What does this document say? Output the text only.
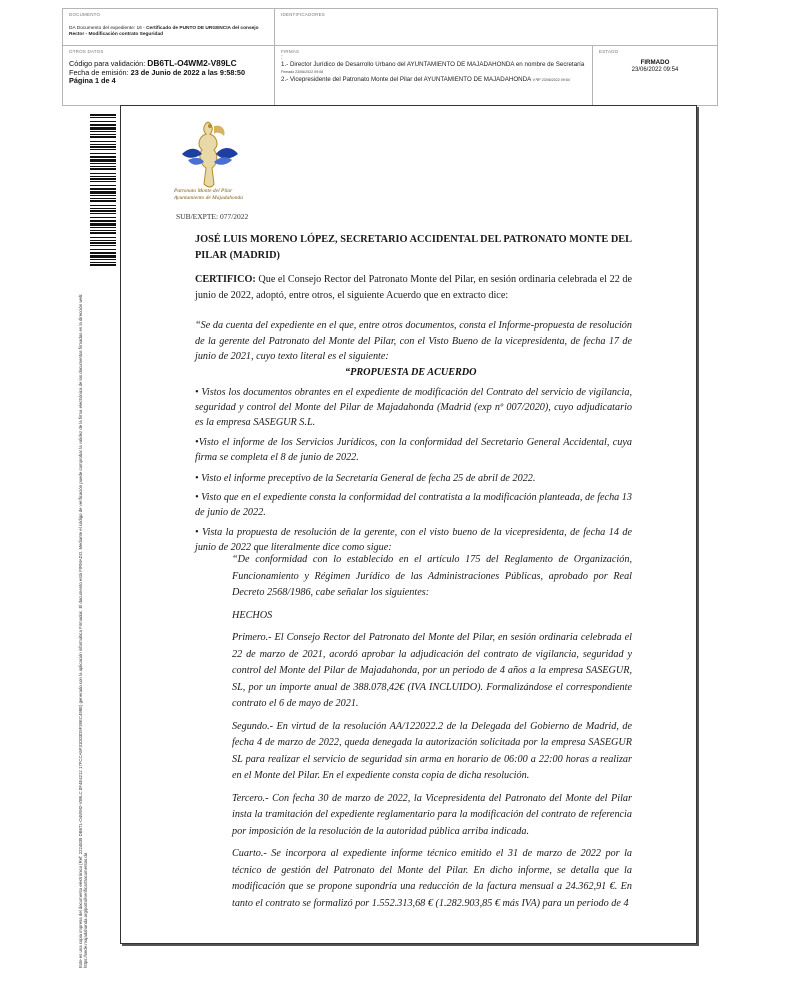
DOCUMENTO
DA Documento del expediente: 16 - Certificado de PUNTO DE URGENCIA del consejo Rector - Modificación contrato Seguridad
IDENTIFICADORES
OTROS DATOS
Código para validación: DB6TL-O4WM2-V89LC
Fecha de emisión: 23 de Junio de 2022 a las 9:58:50
Página 1 de 4
FIRMAS
:
1.- Director Jurídico de Desarrollo Urbano del AYUNTAMIENTO DE MAJADAHONDA en nombre de Secretaría Firmado 23/06/2022 09:08
2.- Vicepresidente del Patronato Monte del Pilar del AYUNTAMIENTO DE MAJADAHONDA V.ºBº 23/06/2022 09:54
ESTADO
FIRMADO
23/06/2022 09:54
Este es una copia impresa del documento electrónico (Ref: 2224835 DB6TL-O4WM2-V89LC 0F4E4212 17FCCA5F31D03D9F39EC498E) generado con la aplicación informática Firmadoc. El documento está FIRMADO. Mediante el código de verificación puede comprobar la validez de la firma electrónica de los documentos firmados en la dirección web: https://sede.majadahonda.org/portal/verificarDocumentos.do
Patronato Monte del Pilar
Ayuntamiento de Majadahonda
SUB/EXPTE: 077/2022
JOSÉ LUIS MORENO LÓPEZ, SECRETARIO ACCIDENTAL DEL PATRONATO MONTE DEL PILAR (MADRID)
CERTIFICO: Que el Consejo Rector del Patronato Monte del Pilar, en sesión ordinaria celebrada el 22 de junio de 2022, adoptó, entre otros, el siguiente Acuerdo que en extracto dice:
“Se da cuenta del expediente en el que, entre otros documentos, consta el Informe-propuesta de resolución de la gerente del Patronato del Monte del Pilar, con el Visto Bueno de la vicepresidenta, de fecha 17 de junio de 2021, cuyo texto literal es el siguiente:
“PROPUESTA DE ACUERDO

• Vistos los documentos obrantes en el expediente de modificación del Contrato del servicio de vigilancia, seguridad y control del Monte del Pilar de Majadahonda (Madrid (exp nº 007/2020), cuyo adjudicatario es la empresa SASEGUR S.L.

•Visto el informe de los Servicios Jurídicos, con la conformidad del Secretario General Accidental, cuya firma se completa el 8 de junio de 2022.

• Visto el informe preceptivo de la Secretaría General de fecha 25 de abril de 2022.

• Visto que en el expediente consta la conformidad del contratista a la modificación planteada, de fecha 13 de junio de 2022.

• Vista la propuesta de resolución de la gerente, con el visto bueno de la vicepresidenta, de fecha 14 de junio de 2022 que literalmente dice como sigue:

“De conformidad con lo establecido en el artículo 175 del Reglamento de Organización, Funcionamiento y Régimen Jurídico de las Administraciones Públicas, aprobado por Real Decreto 2568/1986, cabe señalar los siguientes:

HECHOS

Primero.- El Consejo Rector del Patronato del Monte del Pilar, en sesión ordinaria celebrada el 22 de marzo de 2021, acordó aprobar la adjudicación del contrato de vigilancia, seguridad y control del Monte del Pilar de Majadahonda, por un periodo de 4 años a la empresa SASEGUR, SL, por un importe anual de 388.078,42€ (IVA INCLUIDO). Formalizándose el correspondiente contrato el 6 de mayo de 2021.

Segundo.- En virtud de la resolución AA/122022.2 de la Delegada del Gobierno de Madrid, de fecha 4 de marzo de 2022, queda denegada la autorización solicitada por la empresa SASEGUR SL para realizar el servicio de seguridad sin arma en horario de 06:00 a 22:00 horas a realizar en el Monte del Pilar. En el expediente consta copia de dicha resolución.

Tercero.- Con fecha 30 de marzo de 2022, la Vicepresidenta del Patronato del Monte del Pilar insta la tramitación del expediente reglamentario para la modificación del contrato de referencia por imposición de la resolución de la autoridad pública arriba indicada.

Cuarto.- Se incorpora al expediente informe técnico emitido el 31 de marzo de 2022 por la técnico de gestión del Patronato del Monte del Pilar. En dicho informe, se detalla que la modificación que se propone supondría una reducción de la factura mensual a 24.362,91 €. En tanto el contrato se formalizó por 1.552.313,68 € (1.282.903,85 € más IVA) para un periodo de 4
